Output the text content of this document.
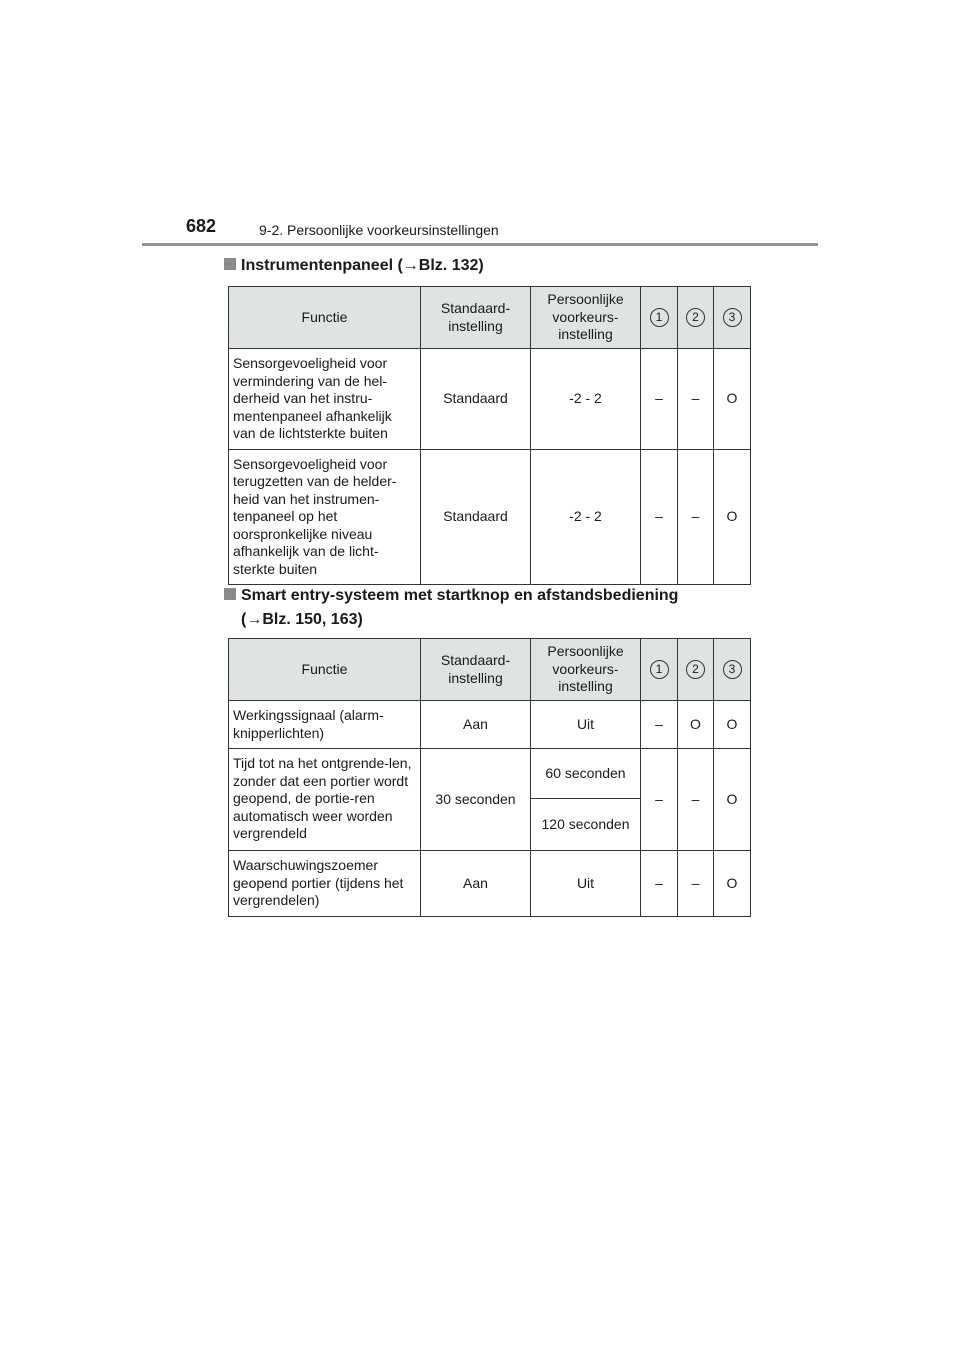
682	9-2. Persoonlijke voorkeursinstellingen
Instrumentenpaneel (→Blz. 132)
Functie	Standaard-instelling	Persoonlijke voorkeurs-instelling	1	2	3
Sensorgevoeligheid voor vermindering van de hel-derheid van het instru-mentenpaneel afhankelijk van de lichtsterkte buiten	Standaard	-2 - 2	–	–	O
Sensorgevoeligheid voor terugzetten van de helder-heid van het instrumen-tenpaneel op het oorspronkelijke niveau afhankelijk van de licht-sterkte buiten	Standaard	-2 - 2	–	–	O
Smart entry-systeem met startknop en afstandsbediening
(→Blz. 150, 163)
Functie	Standaard-instelling	Persoonlijke voorkeurs-instelling	1	2	3
Werkingssignaal (alarm-knipperlichten)	Aan	Uit	–	O	O
Tijd tot na het ontgrende-len, zonder dat een portier wordt geopend, de portie-ren automatisch weer worden vergrendeld	30 seconden	60 seconden	–	–	O
		120 seconden			
Waarschuwingszoemer geopend portier (tijdens het vergrendelen)	Aan	Uit	–	–	O
